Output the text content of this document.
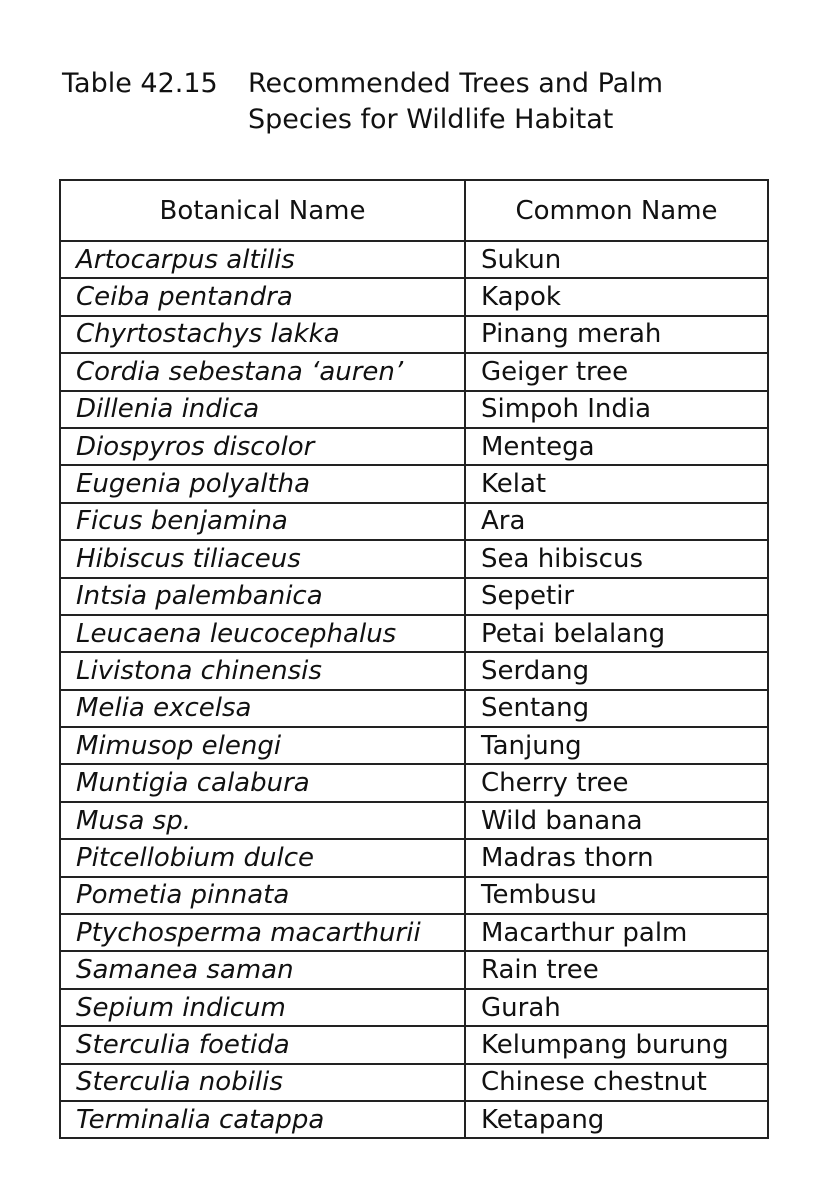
Table 42.15 Recommended Trees and Palm Species for Wildlife Habitat
Botanical Name	Common Name
Artocarpus altilis	Sukun
Ceiba pentandra	Kapok
Chyrtostachys lakka	Pinang merah
Cordia sebestana ‘auren’	Geiger tree
Dillenia indica	Simpoh India
Diospyros discolor	Mentega
Eugenia polyaltha	Kelat
Ficus benjamina	Ara
Hibiscus tiliaceus	Sea hibiscus
Intsia palembanica	Sepetir
Leucaena leucocephalus	Petai belalang
Livistona chinensis	Serdang
Melia excelsa	Sentang
Mimusop elengi	Tanjung
Muntigia calabura	Cherry tree
Musa sp.	Wild banana
Pitcellobium dulce	Madras thorn
Pometia pinnata	Tembusu
Ptychosperma macarthurii	Macarthur palm
Samanea saman	Rain tree
Sepium indicum	Gurah
Sterculia foetida	Kelumpang burung
Sterculia nobilis	Chinese chestnut
Terminalia catappa	Ketapang
